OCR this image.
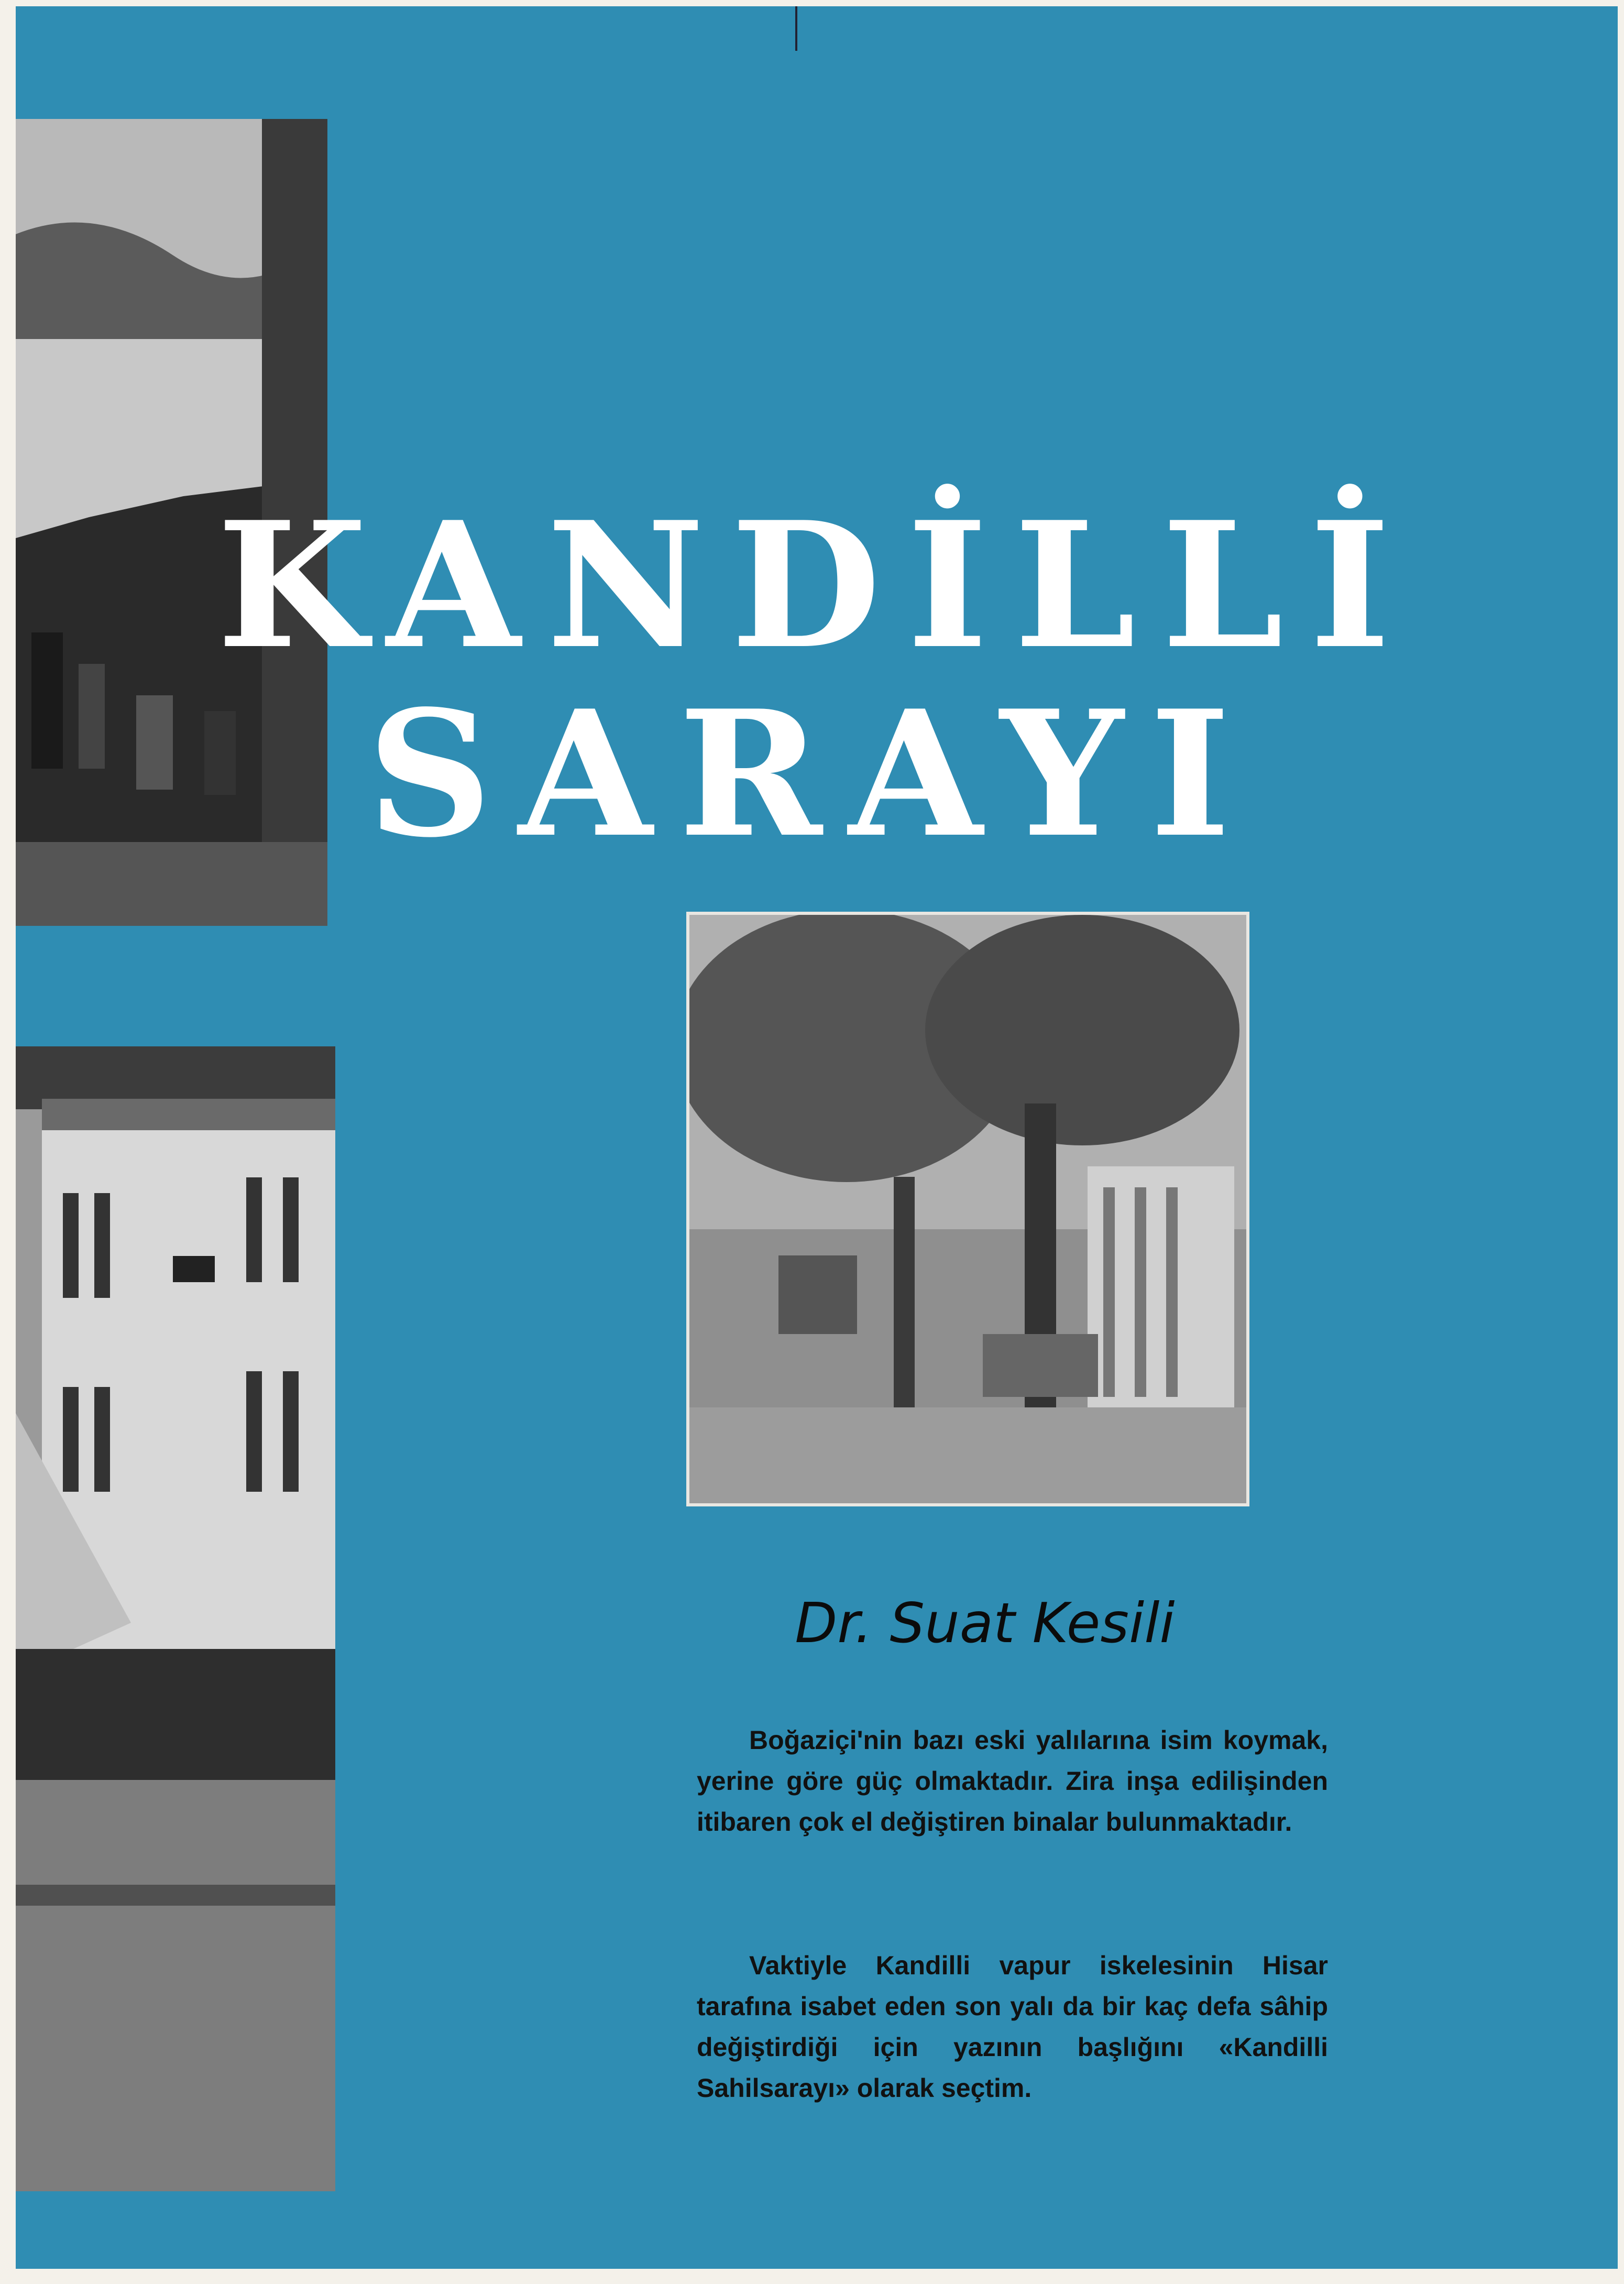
KANDİLLİ
SARAYI
Dr. Suat Kesili

Boğaziçi'nin bazı eski yalılarına isim koymak, yerine göre güç olmaktadır. Zira inşa edilişinden itibaren çok el değiştiren binalar bulunmaktadır.

Vaktiyle Kandilli vapur iskelesinin Hisar tarafına isabet eden son yalı da bir kaç defa sâhip değiştirdiği için yazının başlığını «Kandilli Sahilsarayı» olarak seçtim.
